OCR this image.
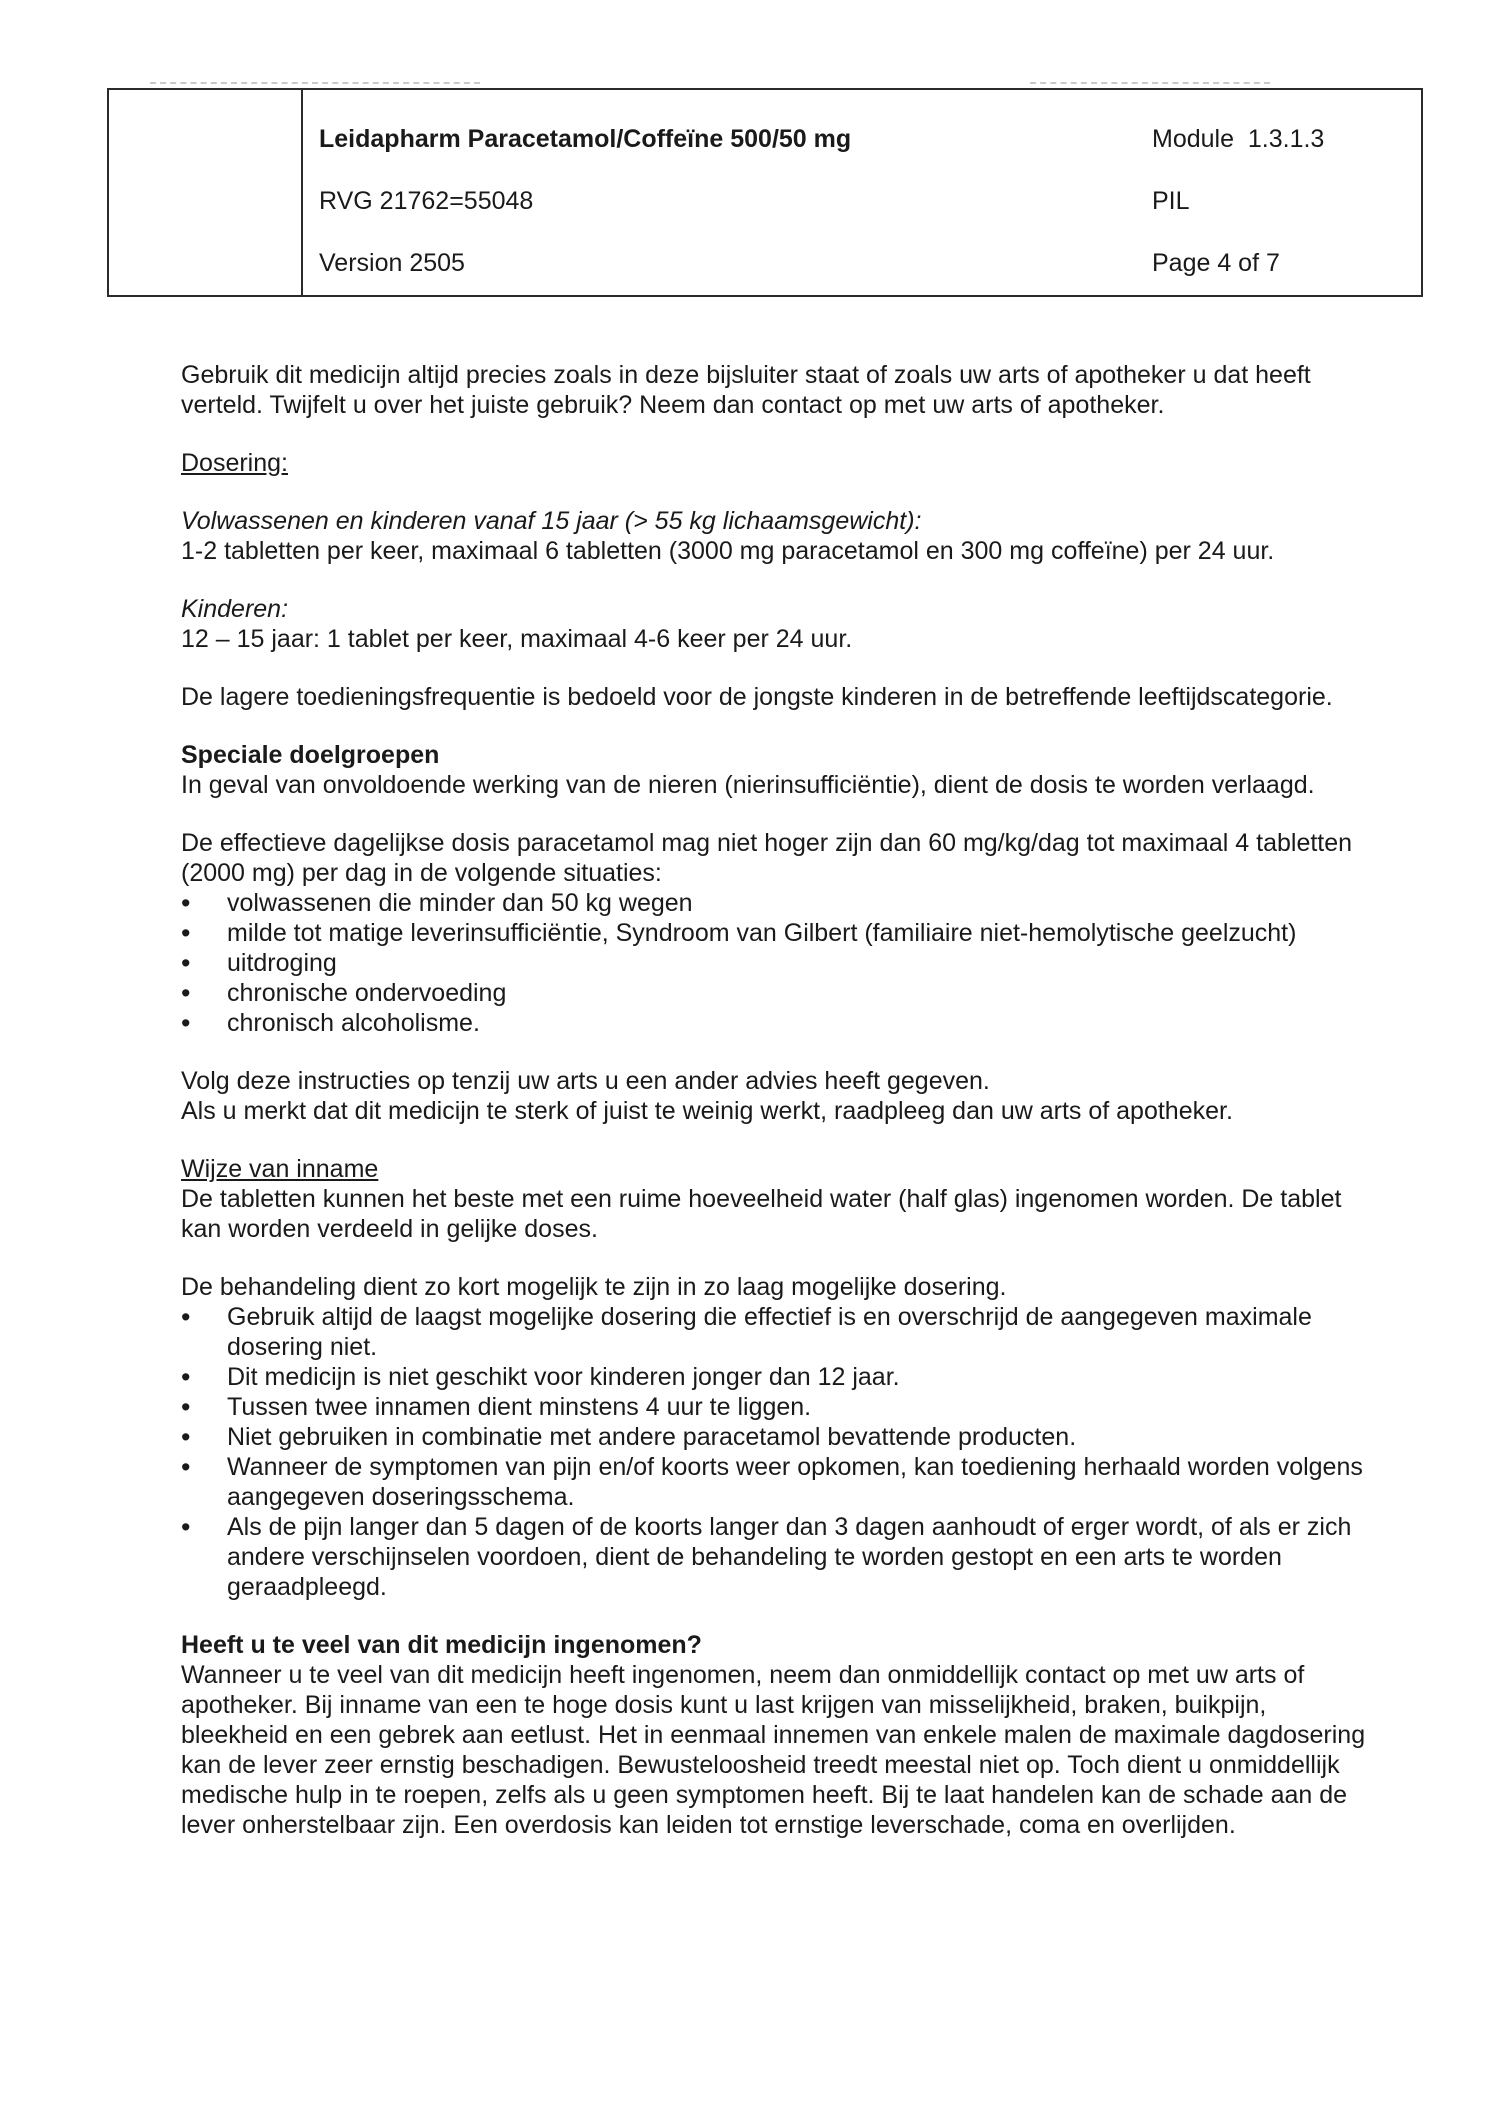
Leidapharm Paracetamol/Coffeïne 500/50 mg	Module  1.3.1.3
RVG 21762=55048	PIL
Version 2505	Page 4 of 7

Gebruik dit medicijn altijd precies zoals in deze bijsluiter staat of zoals uw arts of apotheker u dat heeft verteld. Twijfelt u over het juiste gebruik? Neem dan contact op met uw arts of apotheker.

Dosering:

Volwassenen en kinderen vanaf 15 jaar (> 55 kg lichaamsgewicht):
1-2 tabletten per keer, maximaal 6 tabletten (3000 mg paracetamol en 300 mg coffeïne) per 24 uur.
Kinderen:
12 – 15 jaar: 1 tablet per keer, maximaal 4-6 keer per 24 uur.

De lagere toedieningsfrequentie is bedoeld voor de jongste kinderen in de betreffende leeftijdscategorie.

Speciale doelgroepen
In geval van onvoldoende werking van de nieren (nierinsufficiëntie), dient de dosis te worden verlaagd.
De effectieve dagelijkse dosis paracetamol mag niet hoger zijn dan 60 mg/kg/dag tot maximaal 4 tabletten (2000 mg) per dag in de volgende situaties:
• volwassenen die minder dan 50 kg wegen
• milde tot matige leverinsufficiëntie, Syndroom van Gilbert (familiaire niet-hemolytische geelzucht)
• uitdroging
• chronische ondervoeding
• chronisch alcoholisme.
Volg deze instructies op tenzij uw arts u een ander advies heeft gegeven.
Als u merkt dat dit medicijn te sterk of juist te weinig werkt, raadpleeg dan uw arts of apotheker.
Wijze van inname
De tabletten kunnen het beste met een ruime hoeveelheid water (half glas) ingenomen worden. De tablet kan worden verdeeld in gelijke doses.
De behandeling dient zo kort mogelijk te zijn in zo laag mogelijke dosering.
• Gebruik altijd de laagst mogelijke dosering die effectief is en overschrijd de aangegeven maximale dosering niet.
• Dit medicijn is niet geschikt voor kinderen jonger dan 12 jaar.
• Tussen twee innamen dient minstens 4 uur te liggen.
• Niet gebruiken in combinatie met andere paracetamol bevattende producten.
• Wanneer de symptomen van pijn en/of koorts weer opkomen, kan toediening herhaald worden volgens aangegeven doseringsschema.
• Als de pijn langer dan 5 dagen of de koorts langer dan 3 dagen aanhoudt of erger wordt, of als er zich andere verschijnselen voordoen, dient de behandeling te worden gestopt en een arts te worden geraadpleegd.
Heeft u te veel van dit medicijn ingenomen?
Wanneer u te veel van dit medicijn heeft ingenomen, neem dan onmiddellijk contact op met uw arts of apotheker. Bij inname van een te hoge dosis kunt u last krijgen van misselijkheid, braken, buikpijn, bleekheid en een gebrek aan eetlust. Het in eenmaal innemen van enkele malen de maximale dagdosering kan de lever zeer ernstig beschadigen. Bewusteloosheid treedt meestal niet op. Toch dient u onmiddellijk medische hulp in te roepen, zelfs als u geen symptomen heeft. Bij te laat handelen kan de schade aan de lever onherstelbaar zijn. Een overdosis kan leiden tot ernstige leverschade, coma en overlijden.
